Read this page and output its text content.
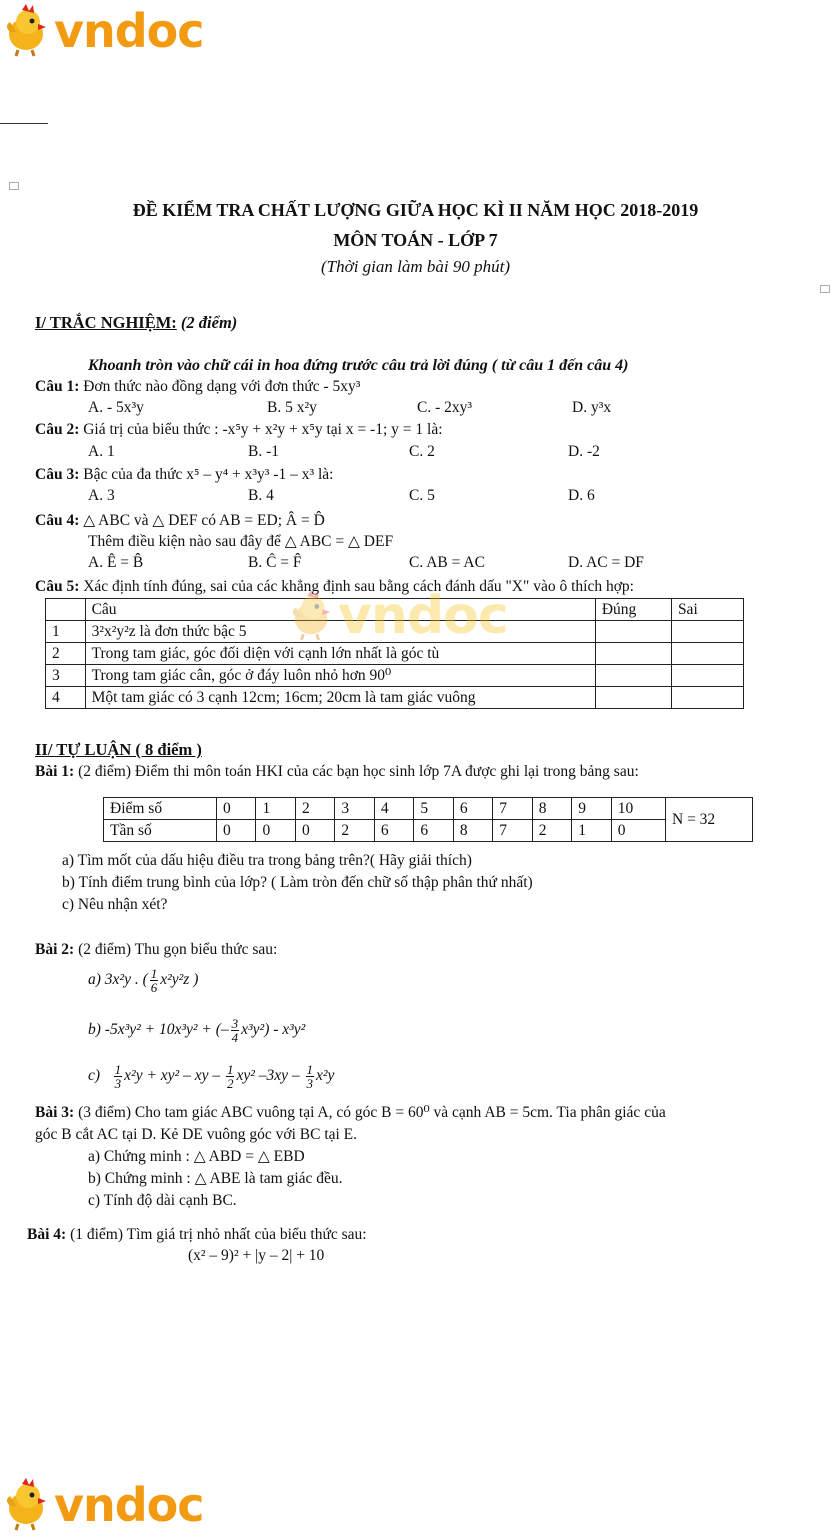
vndoc
ĐỀ KIỂM TRA CHẤT LƯỢNG GIỮA HỌC KÌ II NĂM HỌC 2018-2019
MÔN TOÁN - LỚP 7
(Thời gian làm bài 90 phút)
I/ TRẮC NGHIỆM: (2 điểm)
Khoanh tròn vào chữ cái in hoa đứng trước câu trả lời đúng ( từ câu 1 đến câu 4)
Câu 1: Đơn thức nào đồng dạng với đơn thức - 5xy³
A. - 5x³y	B. 5 x²y	C. - 2xy³	D. y³x
Câu 2: Giá trị của biểu thức : -x⁵y + x²y + x⁵y tại x = -1; y = 1 là:
A. 1	B. -1	C. 2	D. -2
Câu 3: Bậc của đa thức x⁵ – y⁴ + x³y³ -1 – x³ là:
A. 3	B. 4	C. 5	D. 6
Câu 4: △ ABC và △ DEF có AB = ED; Â = D̂
Thêm điều kiện nào sau đây để △ ABC = △ DEF
A. Ê = B̂	B. Ĉ = F̂	C. AB = AC	D. AC = DF
Câu 5: Xác định tính đúng, sai của các khẳng định sau bằng cách đánh dấu "X" vào ô thích hợp:
	Câu	Đúng	Sai
1	3²x²y²z là đơn thức bậc 5		
2	Trong tam giác, góc đối diện với cạnh lớn nhất là góc tù		
3	Trong tam giác cân, góc ở đáy luôn nhỏ hơn 90⁰		
4	Một tam giác có 3 cạnh 12cm; 16cm; 20cm là tam giác vuông		
vndoc
II/ TỰ LUẬN ( 8 điểm )
Bài 1: (2 điểm) Điểm thi môn toán HKI của các bạn học sinh lớp 7A được ghi lại trong bảng sau:
Điểm số	0	1	2	3	4	5	6	7	8	9	10	N = 32
Tần số	0	0	0	2	6	6	8	7	2	1	0	
a) Tìm mốt của dấu hiệu điều tra trong bảng trên?( Hãy giải thích)
b) Tính điểm trung bình của lớp? ( Làm tròn đến chữ số thập phân thứ nhất)
c) Nêu nhận xét?
Bài 2: (2 điểm) Thu gọn biểu thức sau:
a) 3x²y . ( $\frac{1}{6} x^2y^2z$ )
b) -5x³y² + 10x³y² + (– $\frac{3}{4} x^3y^2) - x^3y^2$
$c) \frac{1}{3} x^2y + xy^2$ – xy – $\frac{1}{2} xy^2$ $-3xy - \frac{1}{3} x^2y$
Bài 3: (3 điểm) Cho tam giác ABC vuông tại A, có góc B = 60⁰ và cạnh AB = 5cm. Tia phân giác của
góc B cắt AC tại D. Kẻ DE vuông góc với BC tại E.
a) Chứng minh : △ ABD = △ EBD
b) Chứng minh : △ ABE là tam giác đều.
c) Tính độ dài cạnh BC.
Bài 4: (1 điểm) Tìm giá trị nhỏ nhất của biểu thức sau:
(x² – 9)² + |y – 2| + 10
vndoc
